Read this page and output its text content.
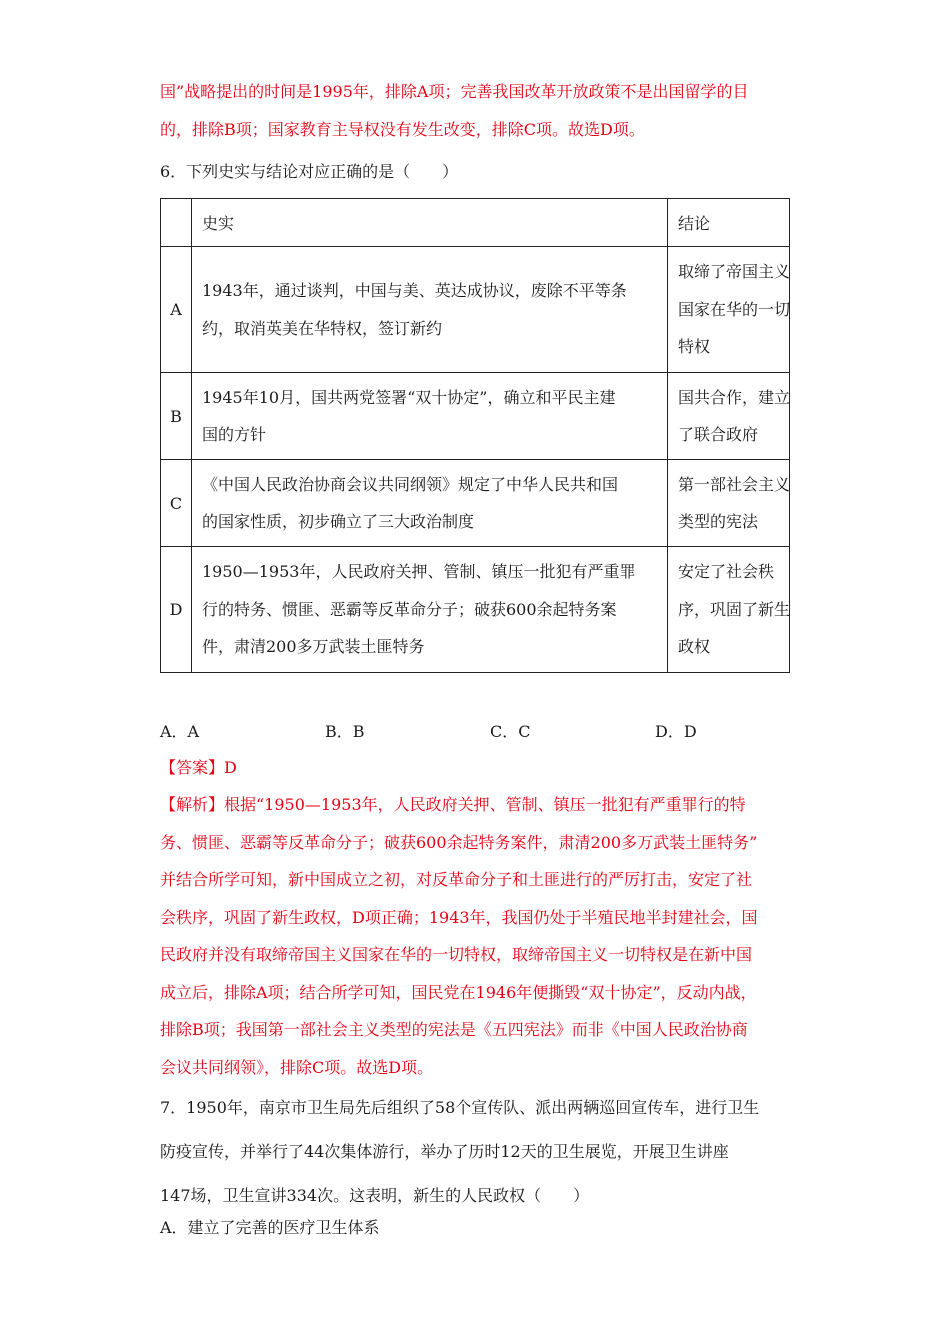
国”战略提出的时间是1995年，排除A项；完善我国改革开放政策不是出国留学的目
的，排除B项；国家教育主导权没有发生改变，排除C项。故选D项。
6．下列史实与结论对应正确的是（　　）
	史实	结论
A	1943年，通过谈判，中国与美、英达成协议，废除不平等条
约，取消英美在华特权，签订新约	取缔了帝国主义
国家在华的一切
特权

B	1945年10月，国共两党签署“双十协定”，确立和平民主建
国的方针	国共合作，建立
了联合政府

C	《中国人民政治协商会议共同纲领》规定了中华人民共和国
的国家性质，初步确立了三大政治制度	第一部社会主义
类型的宪法

D	1950—1953年，人民政府关押、管制、镇压一批犯有严重罪
行的特务、惯匪、恶霸等反革命分子；破获600余起特务案
件，肃清200多万武装土匪特务	安定了社会秩
序，巩固了新生
政权
A．A	B．B	C．C	D．D
【答案】D
【解析】根据“1950—1953年，人民政府关押、管制、镇压一批犯有严重罪行的特
务、惯匪、恶霸等反革命分子；破获600余起特务案件，肃清200多万武装土匪特务”
并结合所学可知，新中国成立之初，对反革命分子和土匪进行的严厉打击，安定了社
会秩序，巩固了新生政权，D项正确；1943年，我国仍处于半殖民地半封建社会，国
民政府并没有取缔帝国主义国家在华的一切特权，取缔帝国主义一切特权是在新中国
成立后，排除A项；结合所学可知，国民党在1946年便撕毁“双十协定”，反动内战，
排除B项；我国第一部社会主义类型的宪法是《五四宪法》而非《中国人民政治协商
会议共同纲领》，排除C项。故选D项。
7．1950年，南京市卫生局先后组织了58个宣传队、派出两辆巡回宣传车，进行卫生
防疫宣传，并举行了44次集体游行，举办了历时12天的卫生展览，开展卫生讲座
147场，卫生宣讲334次。这表明，新生的人民政权（　　）
A．建立了完善的医疗卫生体系
